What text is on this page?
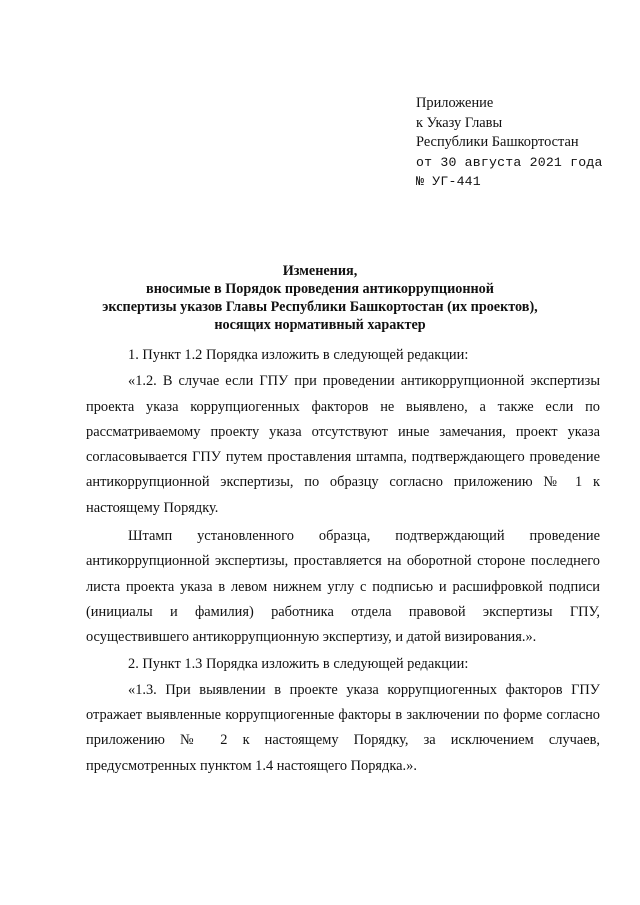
Приложение
к Указу Главы
Республики Башкортостан
от 30 августа 2021 года
№ УГ-441
Изменения,
вносимые в Порядок проведения антикоррупционной
экспертизы указов Главы Республики Башкортостан (их проектов),
носящих нормативный характер

1. Пункт 1.2 Порядка изложить в следующей редакции:

«1.2. В случае если ГПУ при проведении антикоррупционной экспертизы проекта указа коррупциогенных факторов не выявлено, а также если по рассматриваемому проекту указа отсутствуют иные замечания, проект указа согласовывается ГПУ путем проставления штампа, подтверждающего проведение антикоррупционной экспертизы, по образцу согласно приложению № 1 к настоящему Порядку.

Штамп установленного образца, подтверждающий проведение антикоррупционной экспертизы, проставляется на оборотной стороне последнего листа проекта указа в левом нижнем углу с подписью и расшифровкой подписи (инициалы и фамилия) работника отдела правовой экспертизы ГПУ, осуществившего антикоррупционную экспертизу, и датой визирования.».

2. Пункт 1.3 Порядка изложить в следующей редакции:

«1.3. При выявлении в проекте указа коррупциогенных факторов ГПУ отражает выявленные коррупциогенные факторы в заключении по форме согласно приложению № 2 к настоящему Порядку, за исключением случаев, предусмотренных пунктом 1.4 настоящего Порядка.».
